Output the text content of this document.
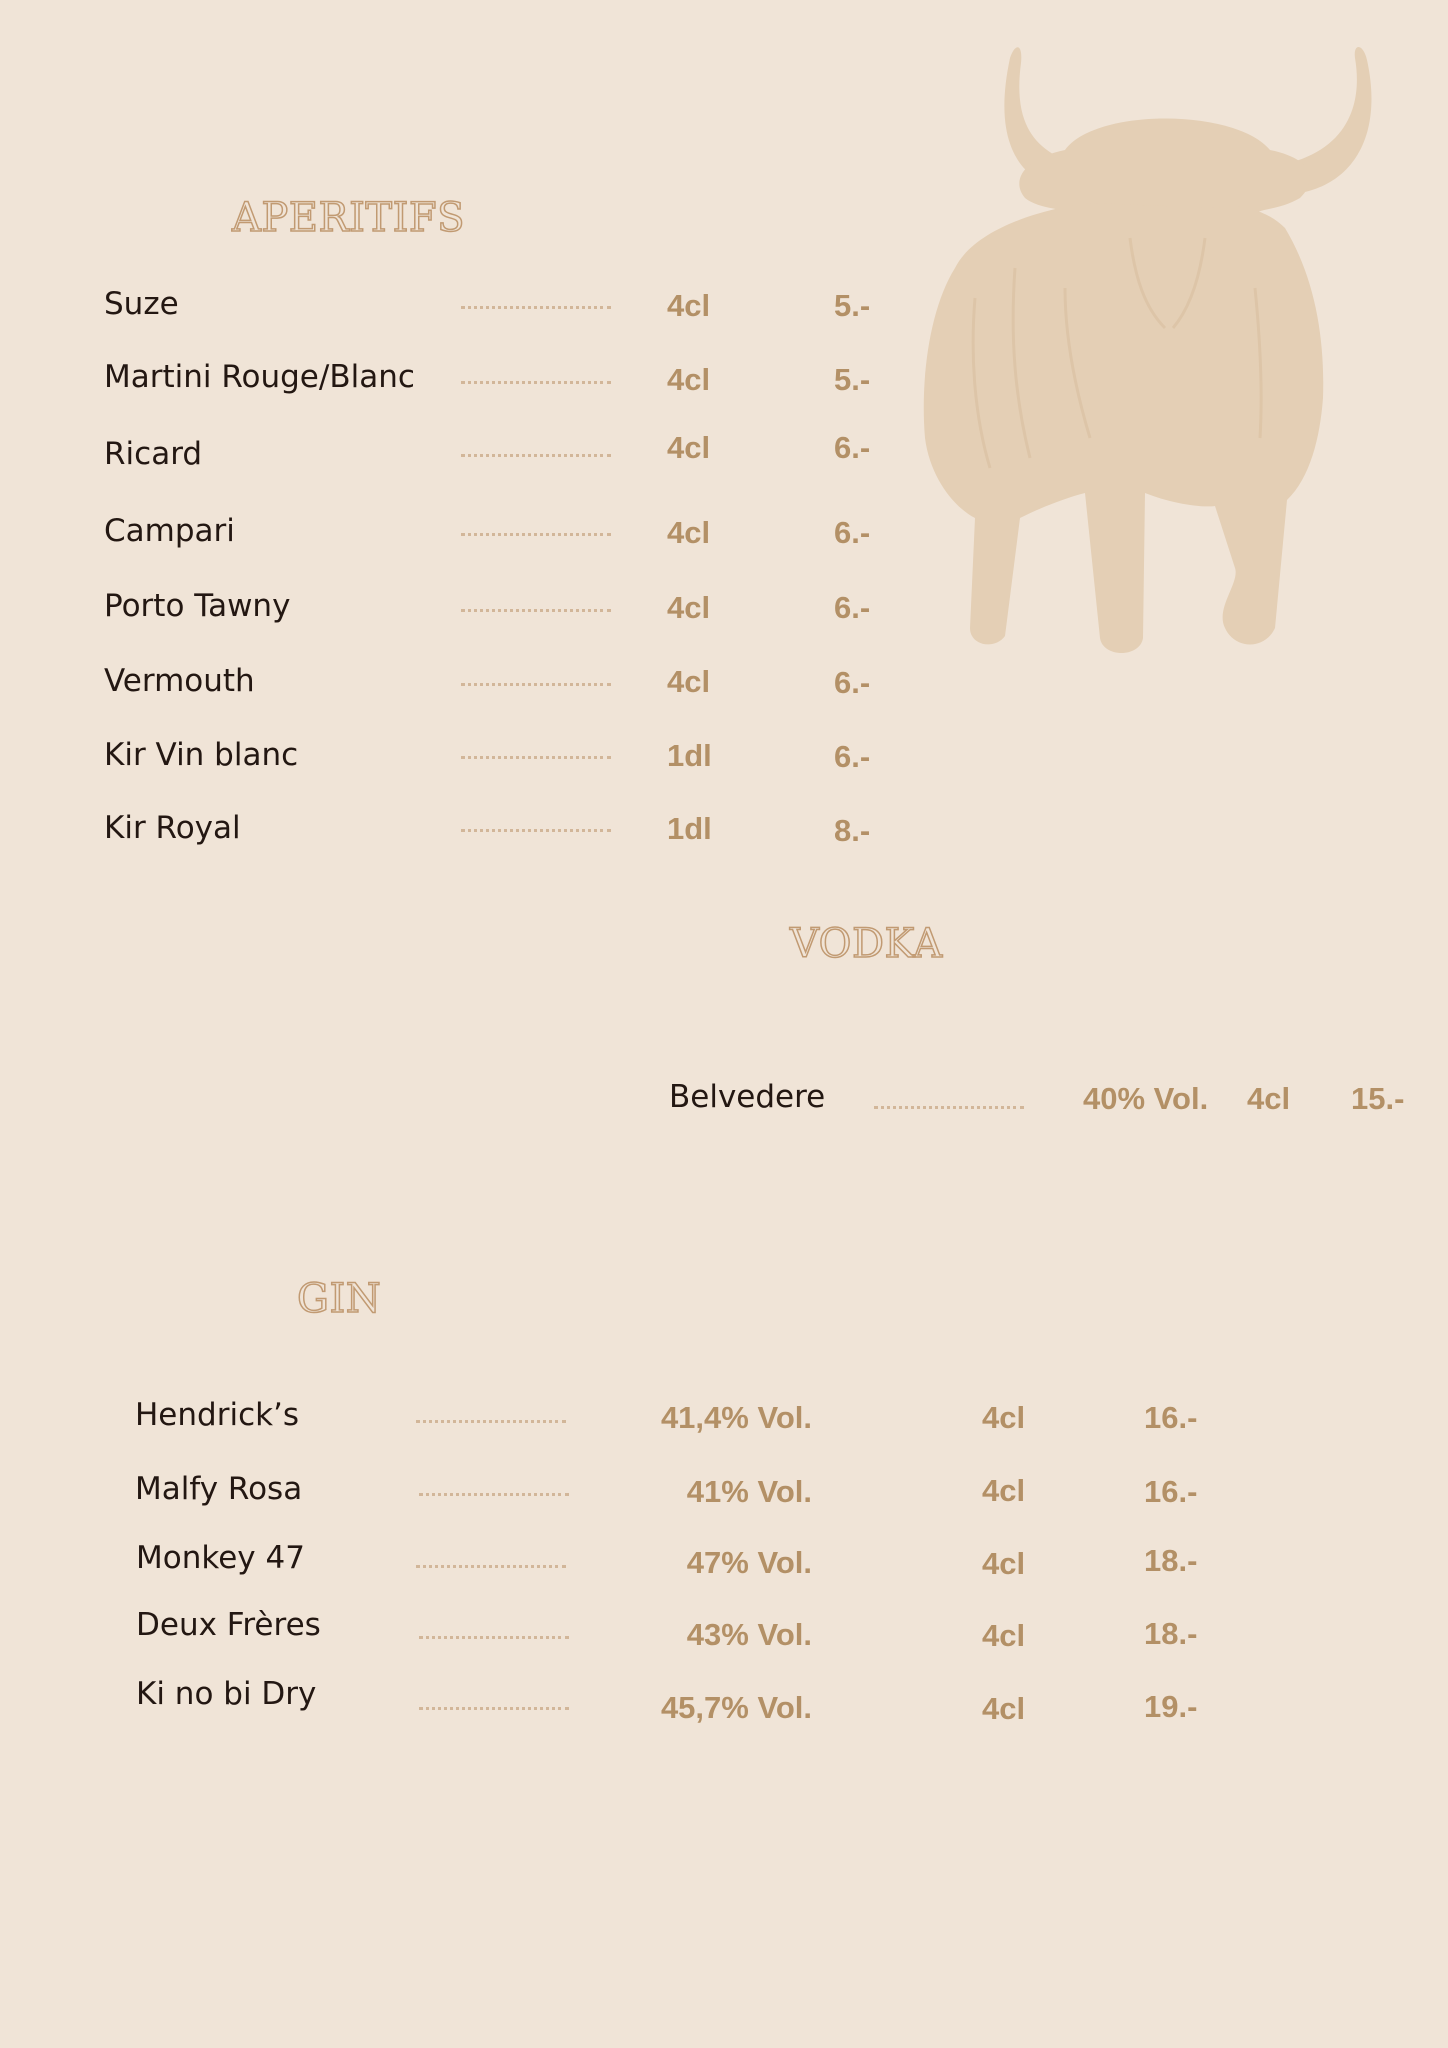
APERITIFS
Suze	4cl	5.-
Martini Rouge/Blanc	4cl	5.-
Ricard	4cl	6.-
Campari	4cl	6.-
Porto Tawny	4cl	6.-
Vermouth	4cl	6.-
Kir Vin blanc	1dl	6.-
Kir Royal	1dl	8.-
VODKA
Belvedere	40% Vol. 4cl 15.-
GIN
Hendrick’s	41,4% Vol.	4cl	16.-
Malfy Rosa	41% Vol.	4cl	16.-
Monkey 47	47% Vol.	4cl	18.-
Deux Frères	43% Vol.	4cl	18.-
Ki no bi Dry	45,7% Vol.	4cl	19.-
